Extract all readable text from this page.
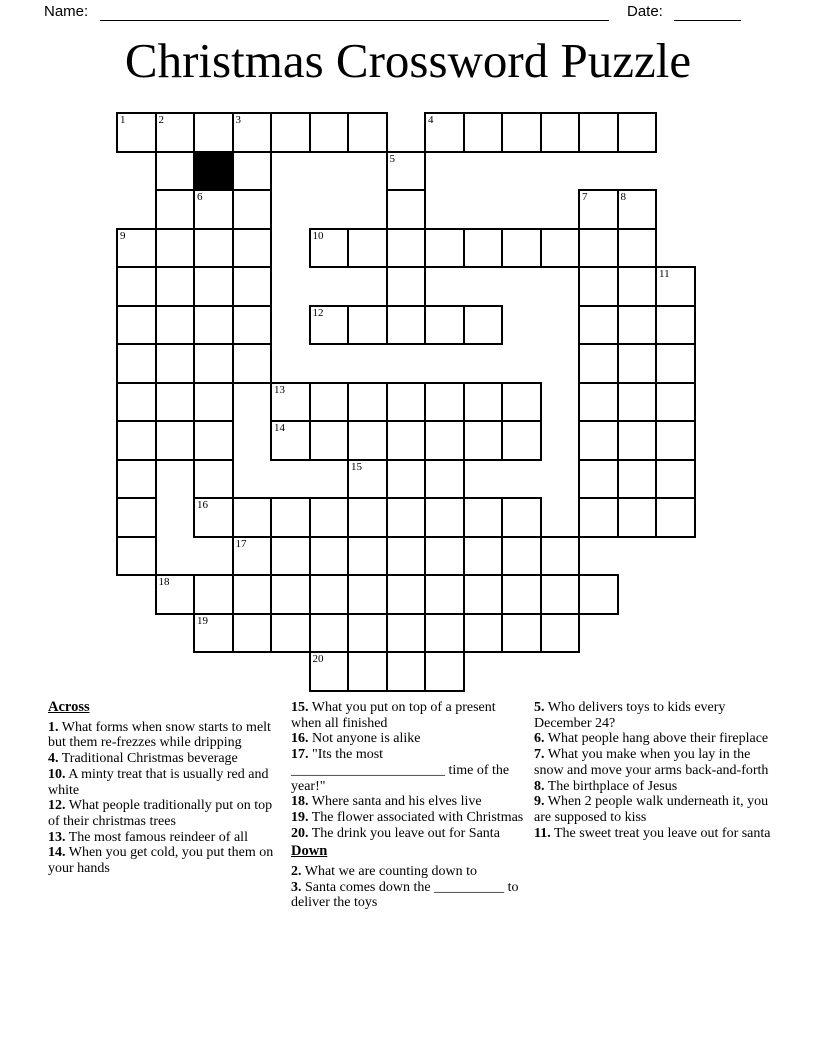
Name:	Date:
Christmas Crossword Puzzle
1	2	3	4
5
6	7	8
9	10
11
12
13
14
15
16
17
18
19
20
Across
1. What forms when snow starts to melt but them re-frezzes while dripping
4. Traditional Christmas beverage
10. A minty treat that is usually red and white
12. What people traditionally put on top of their christmas trees
13. The most famous reindeer of all
14. When you get cold, you put them on your hands
15. What you put on top of a present when all finished
16. Not anyone is alike
17. "Its the most ______________________ time of the year!"
18. Where santa and his elves live
19. The flower associated with Christmas
20. The drink you leave out for Santa
Down
2. What we are counting down to
3. Santa comes down the __________ to deliver the toys
5. Who delivers toys to kids every December 24?
6. What people hang above their fireplace
7. What you make when you lay in the snow and move your arms back-and-forth
8. The birthplace of Jesus
9. When 2 people walk underneath it, you are supposed to kiss
11. The sweet treat you leave out for santa
